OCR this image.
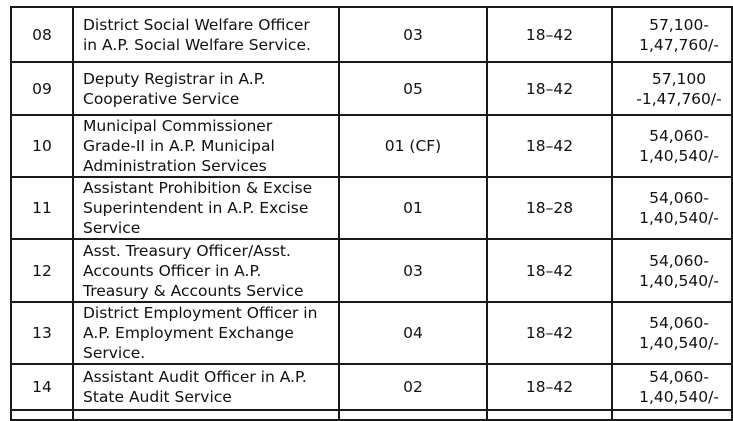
08	District Social Welfare Officer
in A.P. Social Welfare Service.	03	18–42	57,100-1,47,760/-
09	Deputy Registrar in A.P.
Cooperative Service	05	18–42	57,100 -1,47,760/-
10	Municipal Commissioner
Grade-II in A.P. Municipal
Administration Services	01 (CF)	18–42	54,060-1,40,540/-
11	Assistant Prohibition & Excise
Superintendent in A.P. Excise
Service	01	18–28	54,060-1,40,540/-
12	Asst. Treasury Officer/Asst.
Accounts Officer in A.P.
Treasury & Accounts Service	03	18–42	54,060-1,40,540/-
13	District Employment Officer in
A.P. Employment Exchange
Service.	04	18–42	54,060-1,40,540/-
14	Assistant Audit Officer in A.P.
State Audit Service	02	18–42	54,060-1,40,540/-
